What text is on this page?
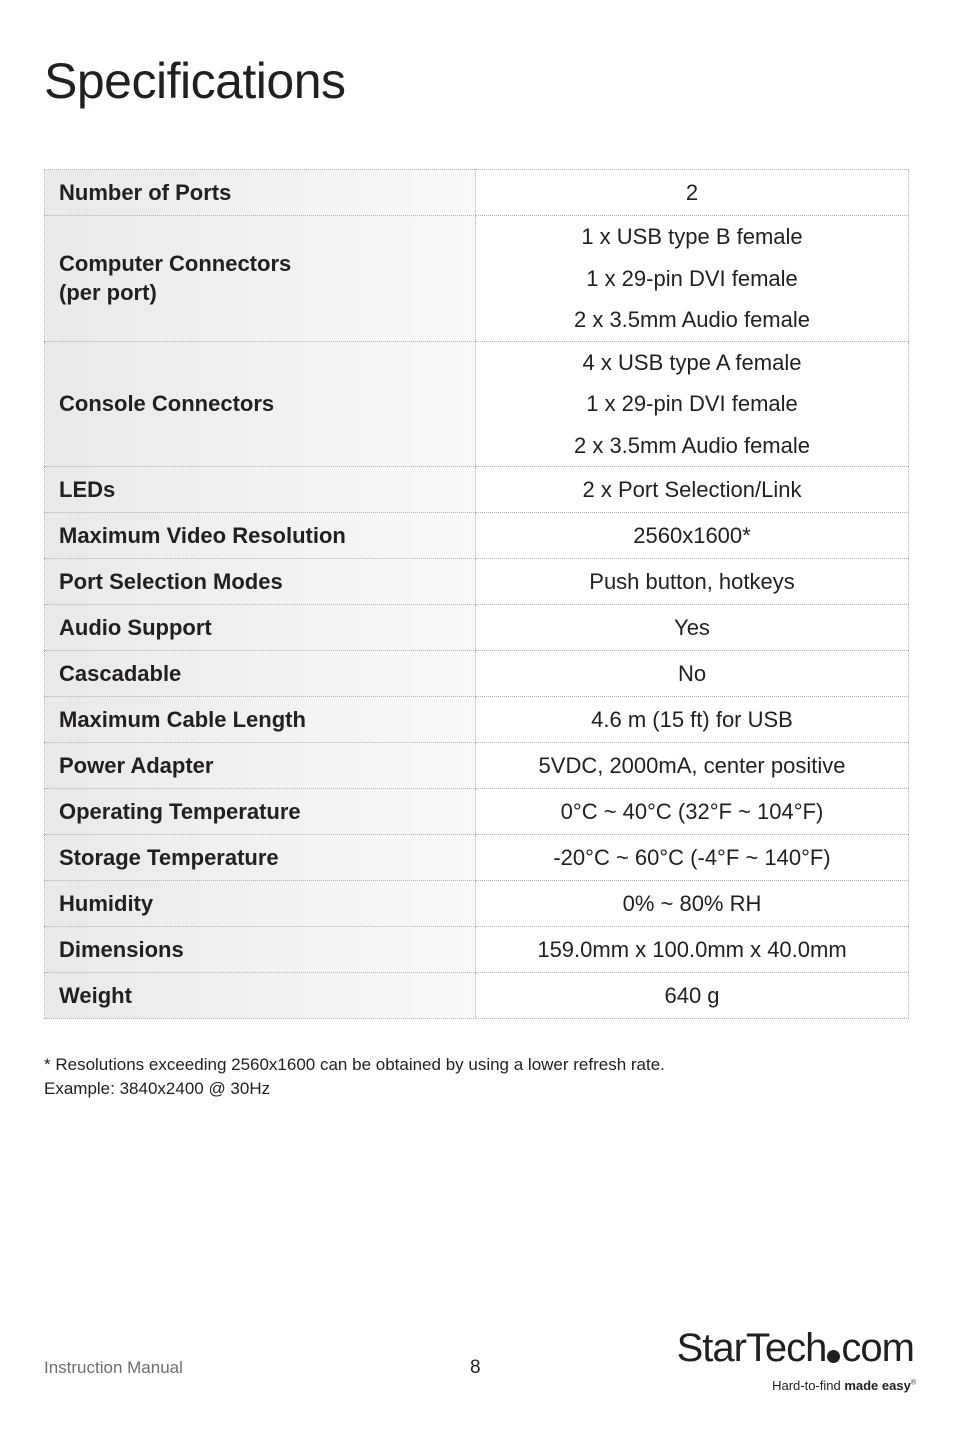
Specifications
Number of Ports	2
Computer Connectors
(per port)	1 x USB type B female
1 x 29-pin DVI female
2 x 3.5mm Audio female

Console Connectors	4 x USB type A female
1 x 29-pin DVI female
2 x 3.5mm Audio female

LEDs	2 x Port Selection/Link
Maximum Video Resolution	2560x1600*
Port Selection Modes	Push button, hotkeys
Audio Support	Yes
Cascadable	No
Maximum Cable Length	4.6 m (15 ft) for USB
Power Adapter	5VDC, 2000mA, center positive
Operating Temperature	0°C ~ 40°C (32°F ~ 104°F)
Storage Temperature	-20°C ~ 60°C (-4°F ~ 140°F)
Humidity	0% ~ 80% RH
Dimensions	159.0mm x 100.0mm x 40.0mm
Weight	640 g
* Resolutions exceeding 2560x1600 can be obtained by using a lower refresh rate.
Example: 3840x2400 @ 30Hz
Instruction Manual	8	StarTech com
Hard-to-find made easy®
